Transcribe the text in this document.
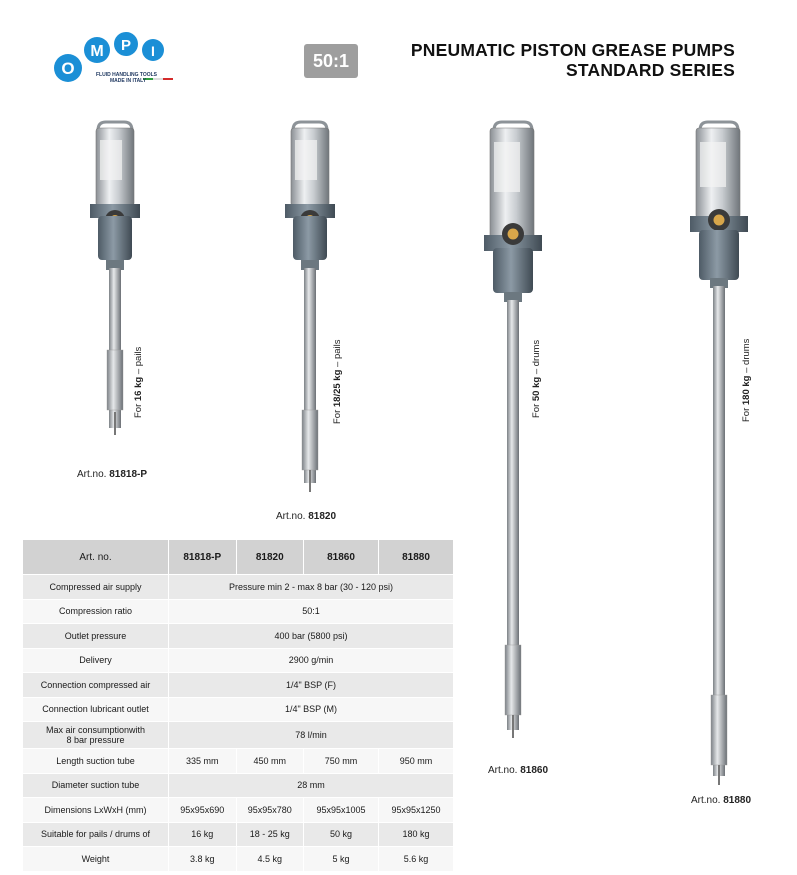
O
M P I
FLUID HANDLING TOOLS
MADE IN ITALY
50:1
PNEUMATIC PISTON GREASE PUMPS
STANDARD SERIES
For 16 kg – pails
Art.no. 81818-P
For 18/25 kg – pails
Art.no. 81820
For 50 kg – drums
Art.no. 81860
For 180 kg – drums
Art.no. 81880
Art. no.	81818-P	81820	81860	81880
Compressed air supply	Pressure min 2 - max 8 bar (30 - 120 psi)			
Compression ratio	50:1			
Outlet pressure	400 bar (5800 psi)			
Delivery	2900 g/min			
Connection compressed air	1/4" BSP (F)			
Connection lubricant outlet	1/4" BSP (M)			

Max air consumptionwith
8 bar pressure	78 l/min			
Length suction tube	335 mm	450 mm	750 mm	950 mm
Diameter suction tube	28 mm			
Dimensions LxWxH (mm)	95x95x690	95x95x780	95x95x1005	95x95x1250
Suitable for pails / drums of	16 kg	18 - 25 kg	50 kg	180 kg
Weight	3.8 kg	4.5 kg	5 kg	5.6 kg
